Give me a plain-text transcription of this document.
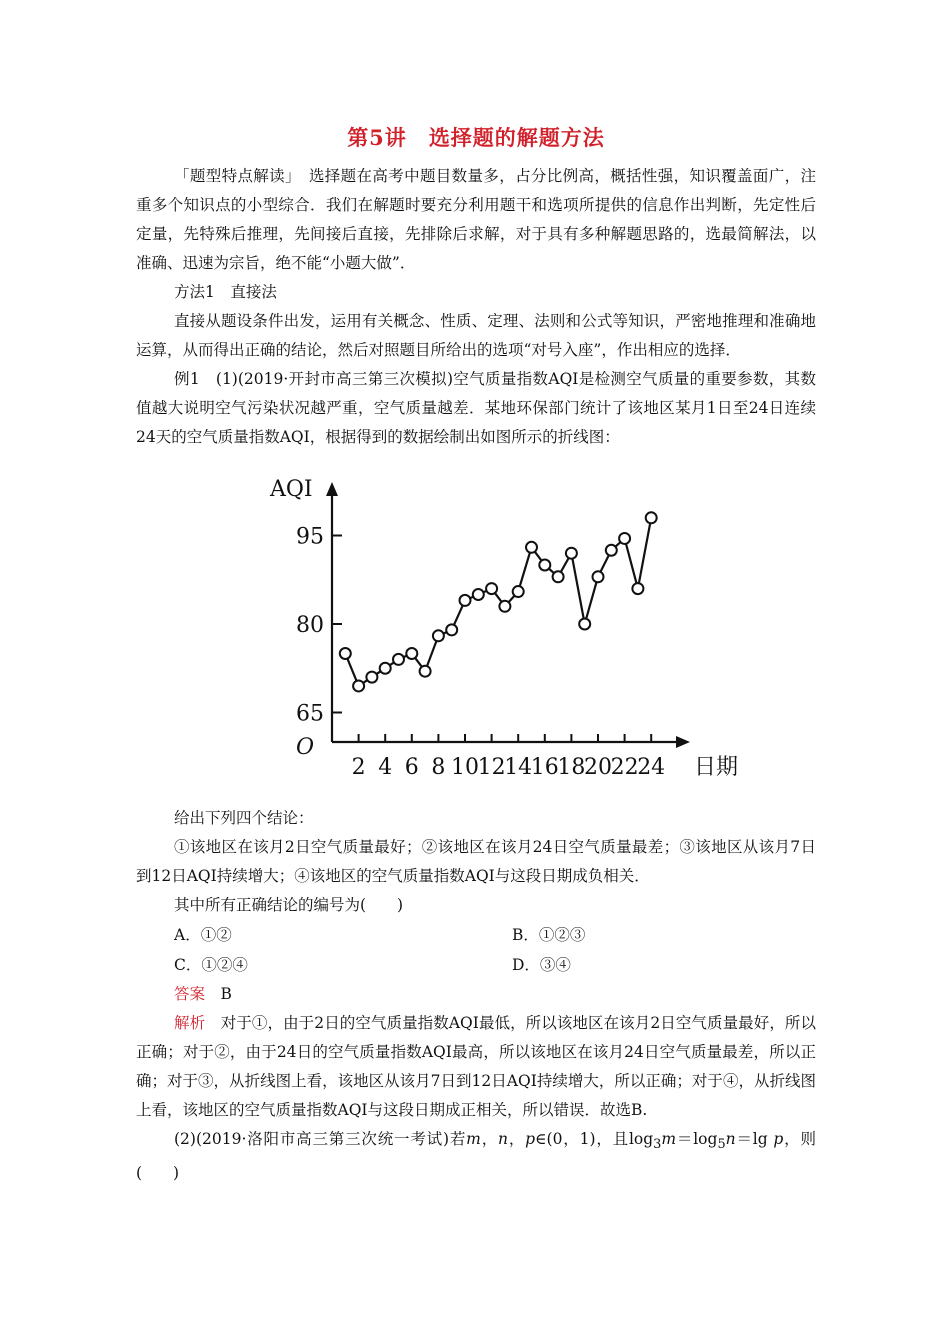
第5讲 选择题的解题方法

「题型特点解读」　 选择题在高考中题目数量多，占分比例高，概括性强，知识覆盖面广，注重多个知识点的小型综合．我们在解题时要充分利用题干和选项所提供的信息作出判断，先定性后定量，先特殊后推理，先间接后直接，先排除后求解，对于具有多种解题思路的，选最简解法，以准确、迅速为宗旨，绝不能“小题大做”．

方法1　直接法

直接从题设条件出发，运用有关概念、性质、定理、法则和公式等知识，严密地推理和准确地运算，从而得出正确的结论，然后对照题目所给出的选项“对号入座”，作出相应的选择．

例1　 (1)(2019·开封市高三第三次模拟)空气质量指数AQI是检测空气质量的重要参数，其数值越大说明空气污染状况越严重，空气质量越差．某地环保部门统计了该地区某月1日至24日连续24天的空气质量指数AQI，根据得到的数据绘制出如图所示的折线图：

65
80
95
2 4 6 8 10
12
14
16
18
20
22
24
AQI
日期
O

给出下列四个结论：

①该地区在该月2日空气质量最好；②该地区在该月24日空气质量最差；③该地区从该月7日到12日AQI持续增大；④该地区的空气质量指数AQI与这段日期成负相关．

其中所有正确结论的编号为(　　)

A．①②	B．①②③

C．①②④	D．③④

答案　 B

解析　 对于①，由于2日的空气质量指数AQI最低，所以该地区在该月2日空气质量最好，所以正确；对于②，由于24日的空气质量指数AQI最高，所以该地区在该月24日空气质量最差，所以正确；对于③，从折线图上看，该地区从该月7日到12日AQI持续增大，所以正确；对于④，从折线图上看，该地区的空气质量指数AQI与这段日期成正相关，所以错误．故选B.

(2)(2019·洛阳市高三第三次统一考试)若m，n，p∈(0，1)，且$\log_3m=\log_5n=\lg$ p，则(　　)
